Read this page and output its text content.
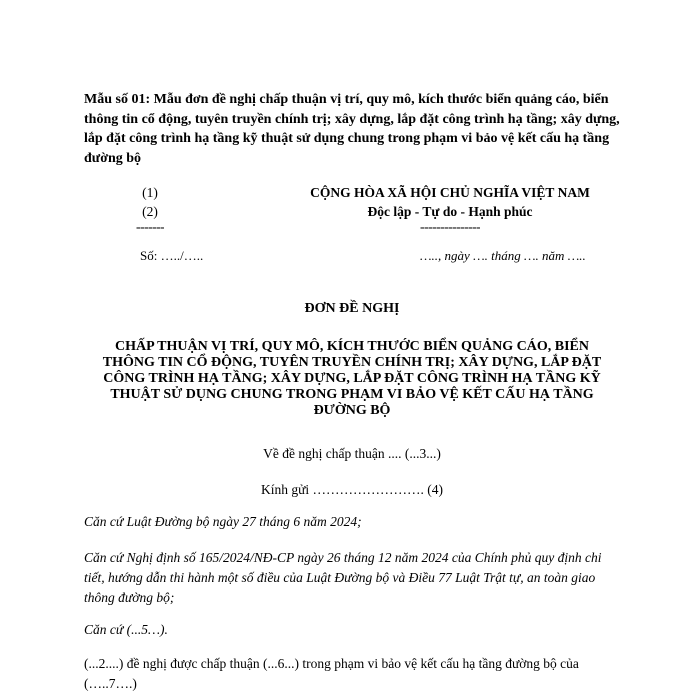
Mẫu số 01: Mẫu đơn đề nghị chấp thuận vị trí, quy mô, kích thước biển quảng cáo, biển thông tin cổ động, tuyên truyền chính trị; xây dựng, lắp đặt công trình hạ tầng; xây dựng, lắp đặt công trình hạ tầng kỹ thuật sử dụng chung trong phạm vi bảo vệ kết cấu hạ tầng đường bộ
(1)
(2)
-------
CỘNG HÒA XÃ HỘI CHỦ NGHĨA VIỆT NAM
Độc lập - Tự do - Hạnh phúc
---------------
Số: …../…..	….., ngày …. tháng …. năm …..
ĐƠN ĐỀ NGHỊ
CHẤP THUẬN VỊ TRÍ, QUY MÔ, KÍCH THƯỚC BIỂN QUẢNG CÁO, BIỂN THÔNG TIN CỔ ĐỘNG, TUYÊN TRUYỀN CHÍNH TRỊ; XÂY DỰNG, LẮP ĐẶT CÔNG TRÌNH HẠ TẦNG; XÂY DỰNG, LẮP ĐẶT CÔNG TRÌNH HẠ TẦNG KỸ THUẬT SỬ DỤNG CHUNG TRONG PHẠM VI BẢO VỆ KẾT CẤU HẠ TẦNG ĐƯỜNG BỘ
Về đề nghị chấp thuận .... (...3...)
Kính gửi ……………………. (4)
Căn cứ Luật Đường bộ ngày 27 tháng 6 năm 2024;
Căn cứ Nghị định số 165/2024/NĐ-CP ngày 26 tháng 12 năm 2024 của Chính phủ quy định chi tiết, hướng dẫn thi hành một số điều của Luật Đường bộ và Điều 77 Luật Trật tự, an toàn giao thông đường bộ;
Căn cứ (...5…).
(...2....) đề nghị được chấp thuận (...6...) trong phạm vi bảo vệ kết cấu hạ tầng đường bộ của (…..7….)
